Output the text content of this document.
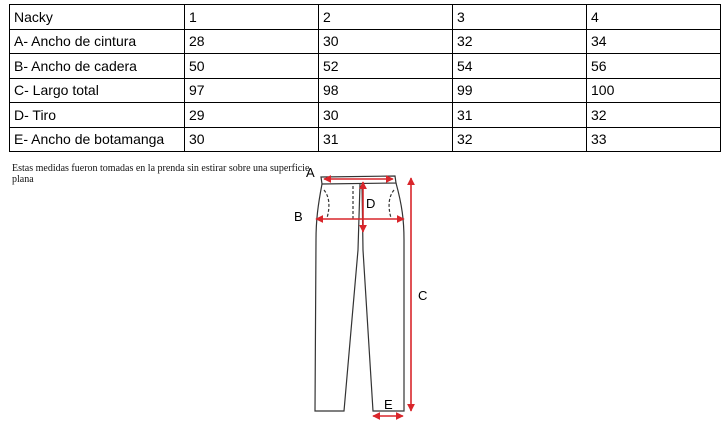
Nacky	1	2	3	4
A- Ancho de cintura	28	30	32	34
B- Ancho de cadera	50	52	54	56
C- Largo total	97	98	99	100
D- Tiro	29	30	31	32
E- Ancho de botamanga	30	31	32	33
Estas medidas fueron tomadas en la prenda sin estirar sobre una superficie plana	A
B
C
D
E
